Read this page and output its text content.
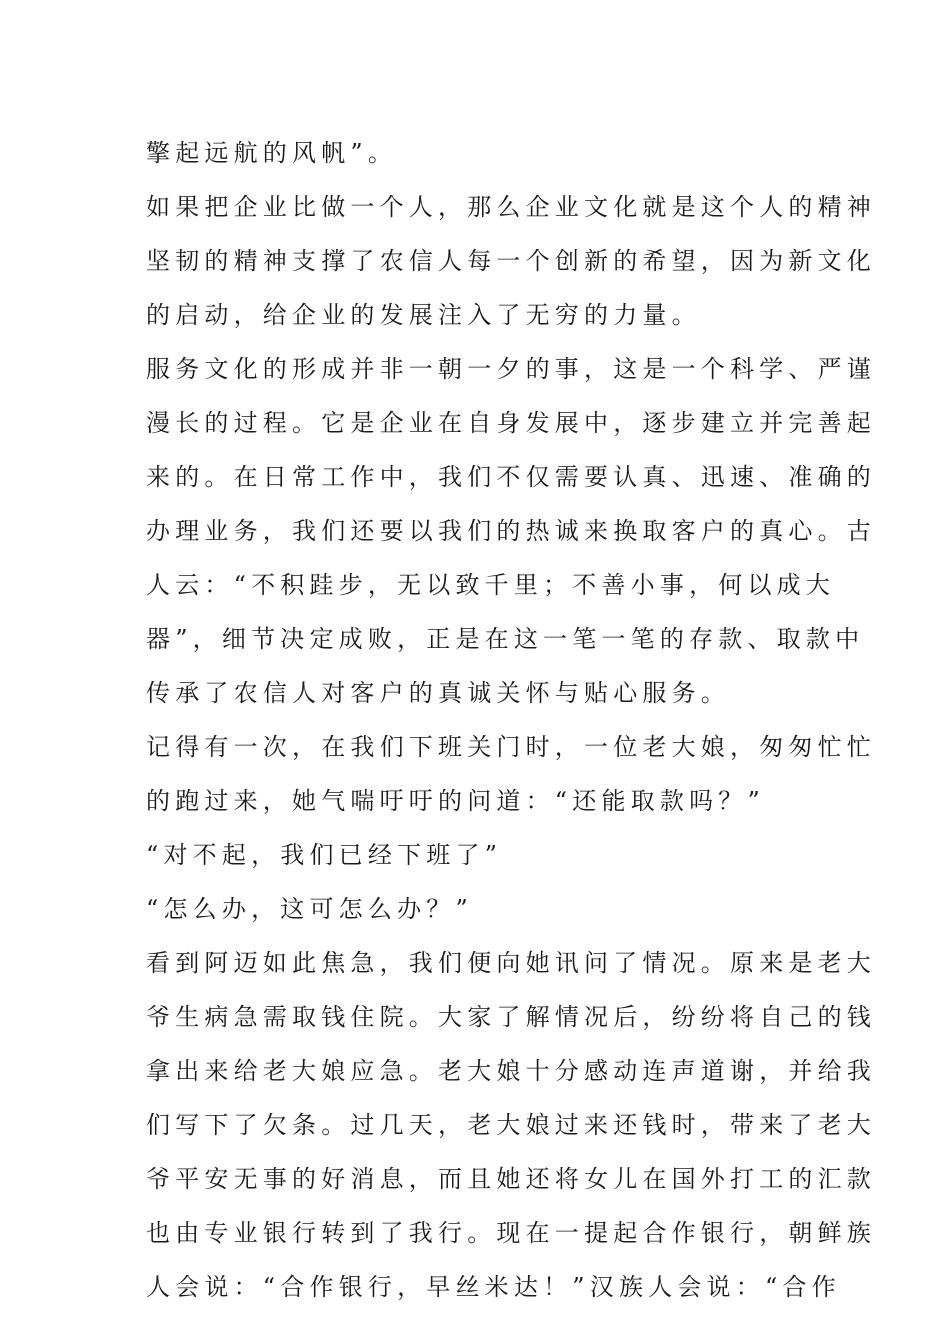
擎起远航的风帆”。
如果把企业比做一个人，那么企业文化就是这个人的精神
坚韧的精神支撑了农信人每一个创新的希望，因为新文化
的启动，给企业的发展注入了无穷的力量。
服务文化的形成并非一朝一夕的事，这是一个科学、严谨
漫长的过程。它是企业在自身发展中，逐步建立并完善起
来的。在日常工作中，我们不仅需要认真、迅速、准确的
办理业务，我们还要以我们的热诚来换取客户的真心。古
人云：“不积跬步，无以致千里；不善小事，何以成大
器”，细节决定成败，正是在这一笔一笔的存款、取款中
传承了农信人对客户的真诚关怀与贴心服务。
记得有一次，在我们下班关门时，一位老大娘，匆匆忙忙
的跑过来，她气喘吁吁的问道：“还能取款吗？”
“对不起，我们已经下班了”
“怎么办，这可怎么办？”
看到阿迈如此焦急，我们便向她讯问了情况。原来是老大
爷生病急需取钱住院。大家了解情况后，纷纷将自己的钱
拿出来给老大娘应急。老大娘十分感动连声道谢，并给我
们写下了欠条。过几天，老大娘过来还钱时，带来了老大
爷平安无事的好消息，而且她还将女儿在国外打工的汇款
也由专业银行转到了我行。现在一提起合作银行，朝鲜族
人会说：“合作银行，早丝米达！”汉族人会说：“合作
